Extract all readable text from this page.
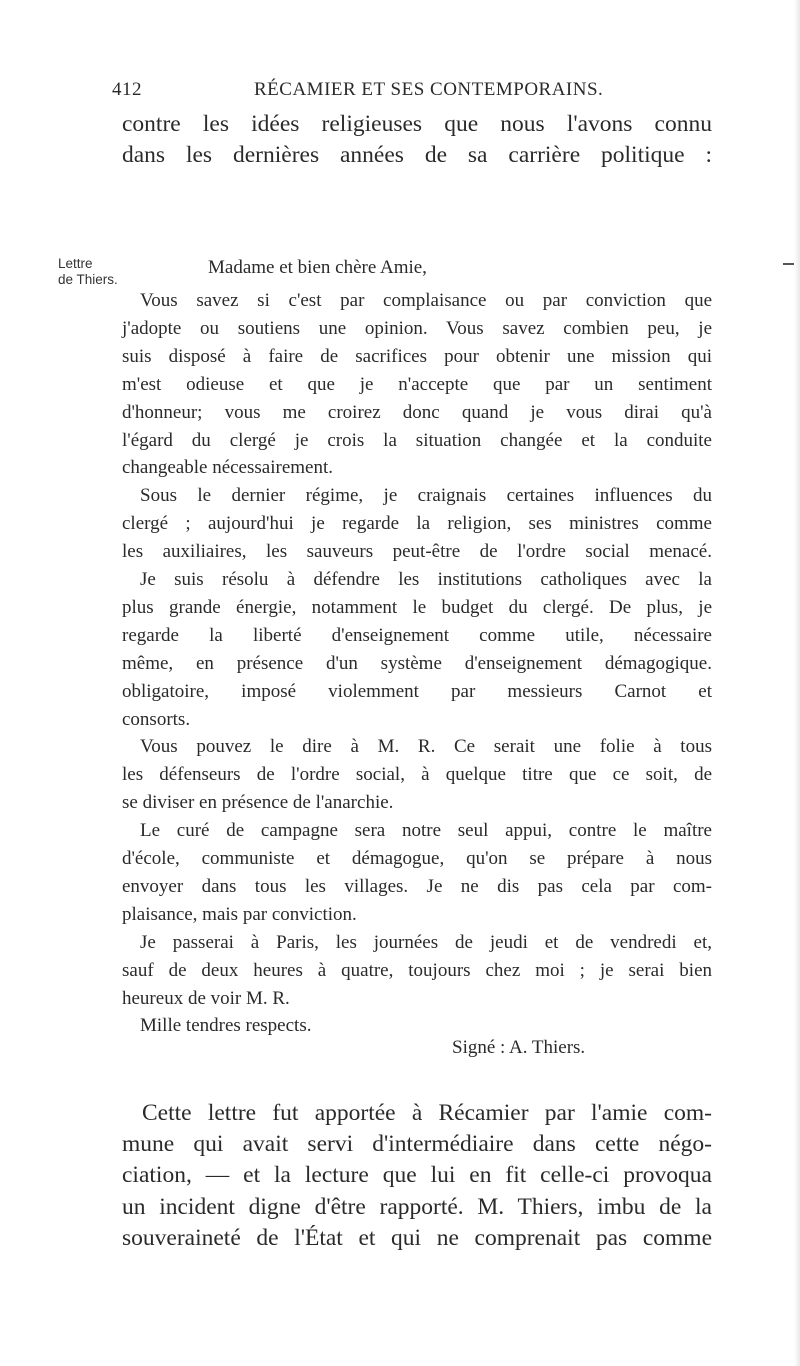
412	RÉCAMIER ET SES CONTEMPORAINS.
Lettre
de Thiers.
contre les idées religieuses que nous l'avons connu
dans les dernières années de sa carrière politique :
Madame et bien chère Amie,
Vous savez si c'est par complaisance ou par conviction que
j'adopte ou soutiens une opinion. Vous savez combien peu, je
suis disposé à faire de sacrifices pour obtenir une mission qui
m'est odieuse et que je n'accepte que par un sentiment
d'honneur; vous me croirez donc quand je vous dirai qu'à
l'égard du clergé je crois la situation changée et la conduite
changeable nécessairement.
Sous le dernier régime, je craignais certaines influences du
clergé ; aujourd'hui je regarde la religion, ses ministres comme
les auxiliaires, les sauveurs peut-être de l'ordre social menacé.
Je suis résolu à défendre les institutions catholiques avec la
plus grande énergie, notamment le budget du clergé. De plus, je
regarde la liberté d'enseignement comme utile, nécessaire
même, en présence d'un système d'enseignement démagogique.
obligatoire, imposé violemment par messieurs Carnot et
consorts.
Vous pouvez le dire à M. R. Ce serait une folie à tous
les défenseurs de l'ordre social, à quelque titre que ce soit, de
se diviser en présence de l'anarchie.
Le curé de campagne sera notre seul appui, contre le maître
d'école, communiste et démagogue, qu'on se prépare à nous
envoyer dans tous les villages. Je ne dis pas cela par com-
plaisance, mais par conviction.
Je passerai à Paris, les journées de jeudi et de vendredi et,
sauf de deux heures à quatre, toujours chez moi ; je serai bien
heureux de voir M. R.
Mille tendres respects.
Signé : A. Thiers.
Cette lettre fut apportée à Récamier par l'amie com-
mune qui avait servi d'intermédiaire dans cette négo-
ciation, — et la lecture que lui en fit celle-ci provoqua
un incident digne d'être rapporté. M. Thiers, imbu de la
souveraineté de l'État et qui ne comprenait pas comme
